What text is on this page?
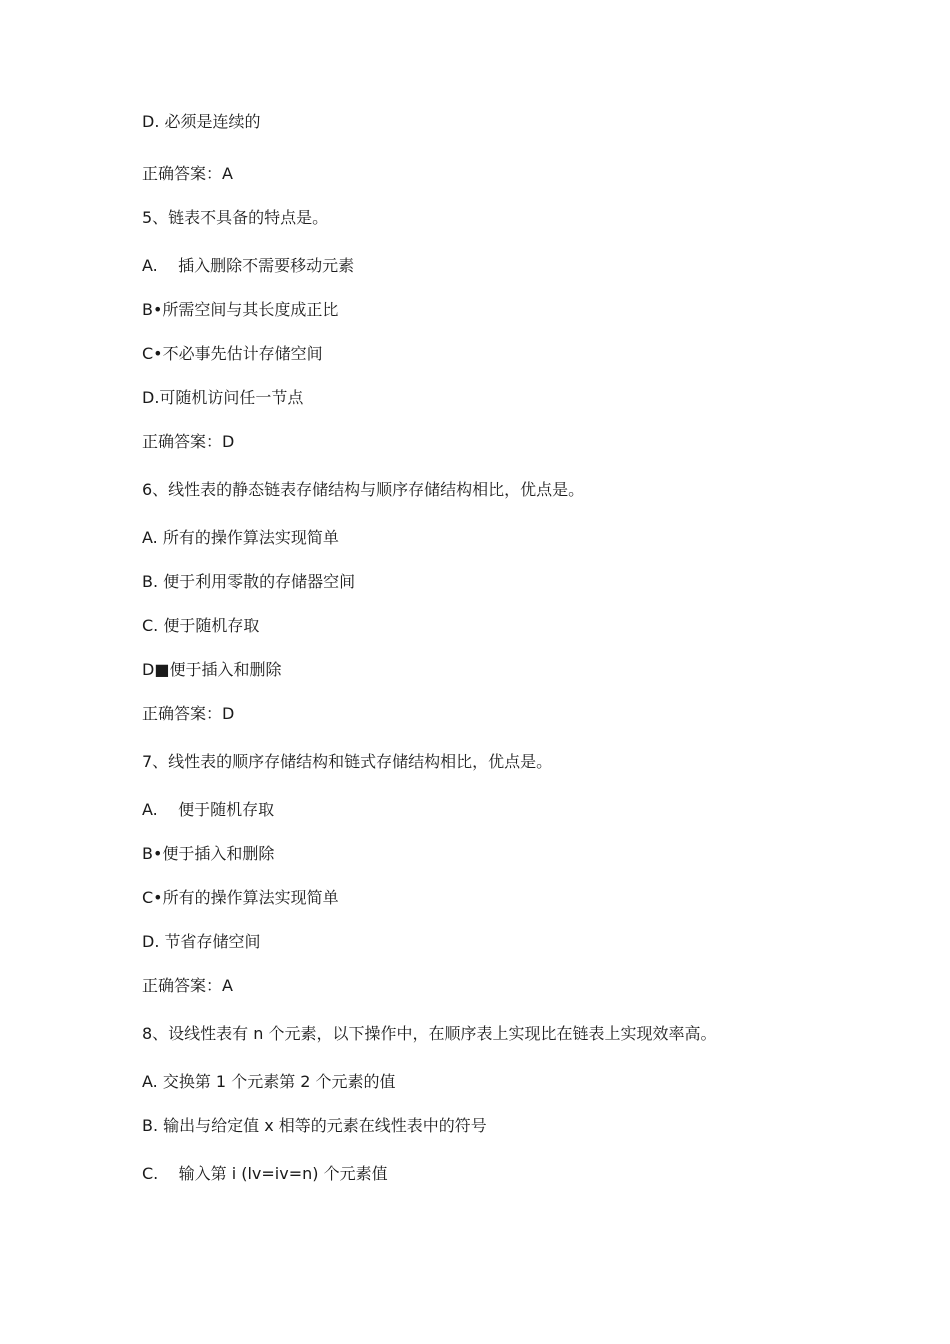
D. 必须是连续的
正确答案：A
5、链表不具备的特点是。
A.    插入删除不需要移动元素
B•所需空间与其长度成正比
C•不必事先估计存储空间
D.可随机访问任一节点
正确答案：D
6、线性表的静态链表存储结构与顺序存储结构相比，优点是。
A. 所有的操作算法实现简单
B. 便于利用零散的存储器空间
C. 便于随机存取
D■便于插入和删除
正确答案：D
7、线性表的顺序存储结构和链式存储结构相比，优点是。
A.    便于随机存取
B•便于插入和删除
C•所有的操作算法实现简单
D. 节省存储空间
正确答案：A
8、设线性表有 n 个元素，以下操作中，在顺序表上实现比在链表上实现效率高。
A. 交换第 1 个元素第 2 个元素的值
B. 输出与给定值 x 相等的元素在线性表中的符号
C.    输入第 i (lv=iv=n) 个元素值
